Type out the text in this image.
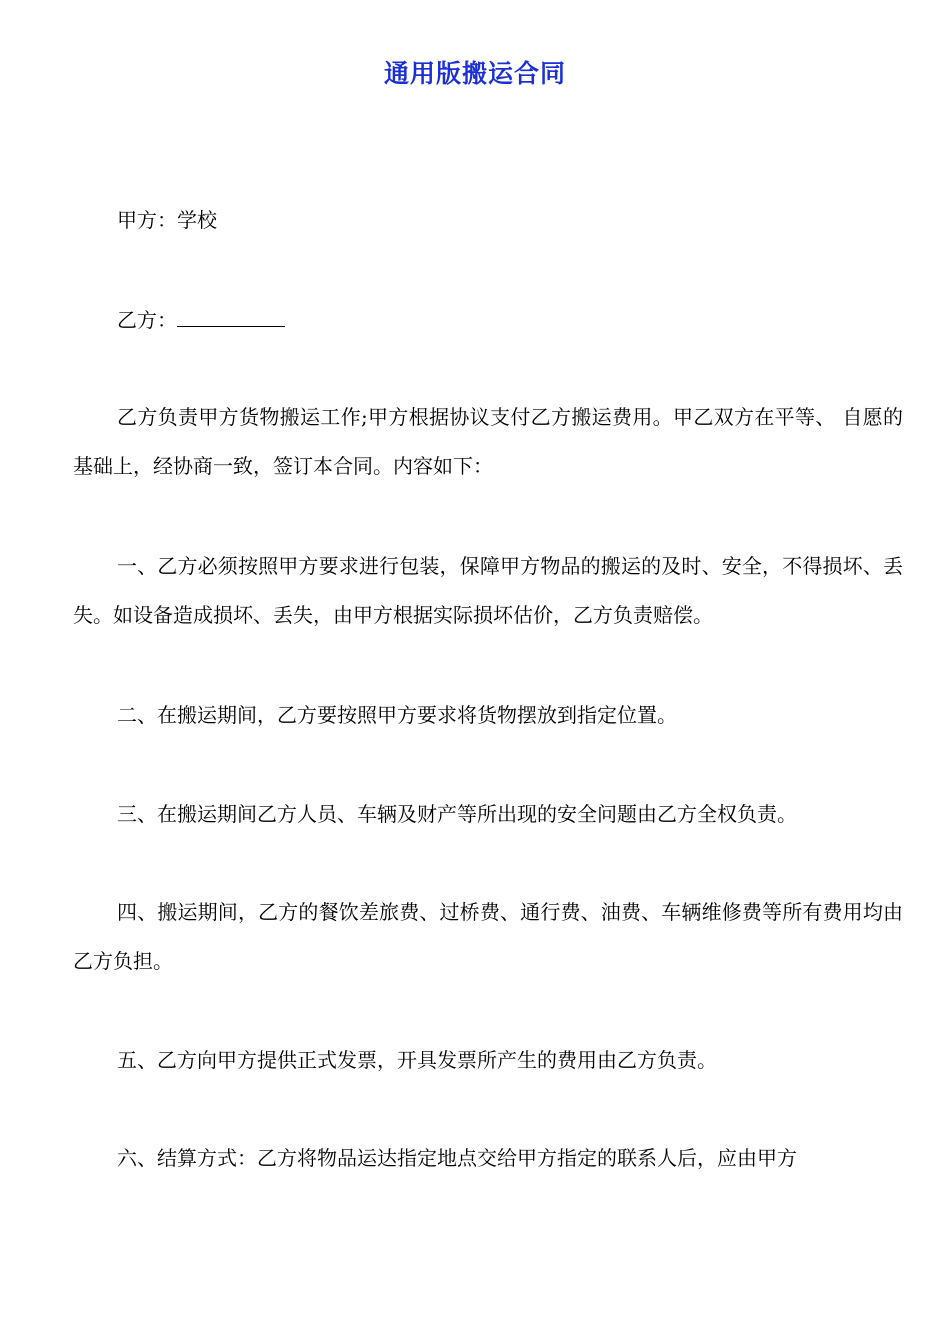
通用版搬运合同
甲方：学校
乙方：
乙方负责甲方货物搬运工作;甲方根据协议支付乙方搬运费用。甲乙双方在平等、 自愿的基础上，经协商一致，签订本合同。内容如下：
一、乙方必须按照甲方要求进行包装，保障甲方物品的搬运的及时、安全，不得损坏、丢失。如设备造成损坏、丢失，由甲方根据实际损坏估价，乙方负责赔偿。
二、在搬运期间，乙方要按照甲方要求将货物摆放到指定位置。
三、在搬运期间乙方人员、车辆及财产等所出现的安全问题由乙方全权负责。
四、搬运期间，乙方的餐饮差旅费、过桥费、通行费、油费、车辆维修费等所有费用均由乙方负担。
五、乙方向甲方提供正式发票，开具发票所产生的费用由乙方负责。
六、结算方式：乙方将物品运达指定地点交给甲方指定的联系人后，应由甲方
